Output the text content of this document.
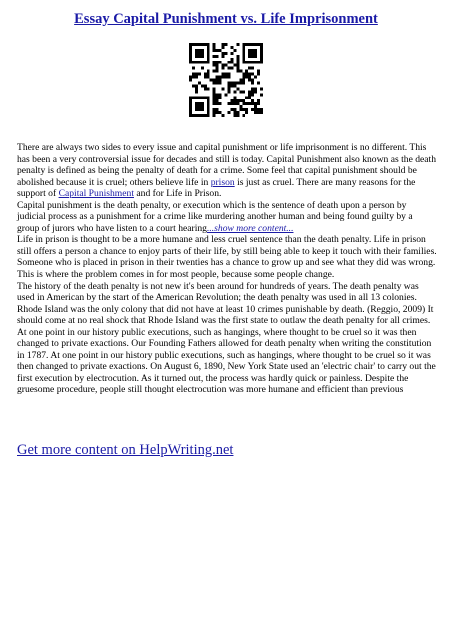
Essay Capital Punishment vs. Life Imprisonment

There are always two sides to every issue and capital punishment or life imprisonment is no different. This has been a very controversial issue for decades and still is today. Capital Punishment also known as the death penalty is defined as being the penalty of death for a crime. Some feel that capital punishment should be abolished because it is cruel; others believe life in prison is just as cruel. There are many reasons for the support of Capital Punishment and for Life in Prison.

Capital punishment is the death penalty, or execution which is the sentence of death upon a person by judicial process as a punishment for a crime like murdering another human and being found guilty by a group of jurors who have listen to a court hearing...show more content...

Life in prison is thought to be a more humane and less cruel sentence than the death penalty. Life in prison still offers a person a chance to enjoy parts of their life, by still being able to keep it touch with their families. Someone who is placed in prison in their twenties has a chance to grow up and see what they did was wrong. This is where the problem comes in for most people, because some people change.

The history of the death penalty is not new it's been around for hundreds of years. The death penalty was used in American by the start of the American Revolution; the death penalty was used in all 13 colonies. Rhode Island was the only colony that did not have at least 10 crimes punishable by death. (Reggio, 2009) It should come at no real shock that Rhode Island was the first state to outlaw the death penalty for all crimes. At one point in our history public executions, such as hangings, where thought to be cruel so it was then changed to private exactions. Our Founding Fathers allowed for death penalty when writing the constitution in 1787. At one point in our history public executions, such as hangings, where thought to be cruel so it was then changed to private exactions. On August 6, 1890, New York State used an 'electric chair' to carry out the first execution by electrocution. As it turned out, the process was hardly quick or painless. Despite the gruesome procedure, people still thought electrocution was more humane and efficient than previous

Get more content on HelpWriting.net
